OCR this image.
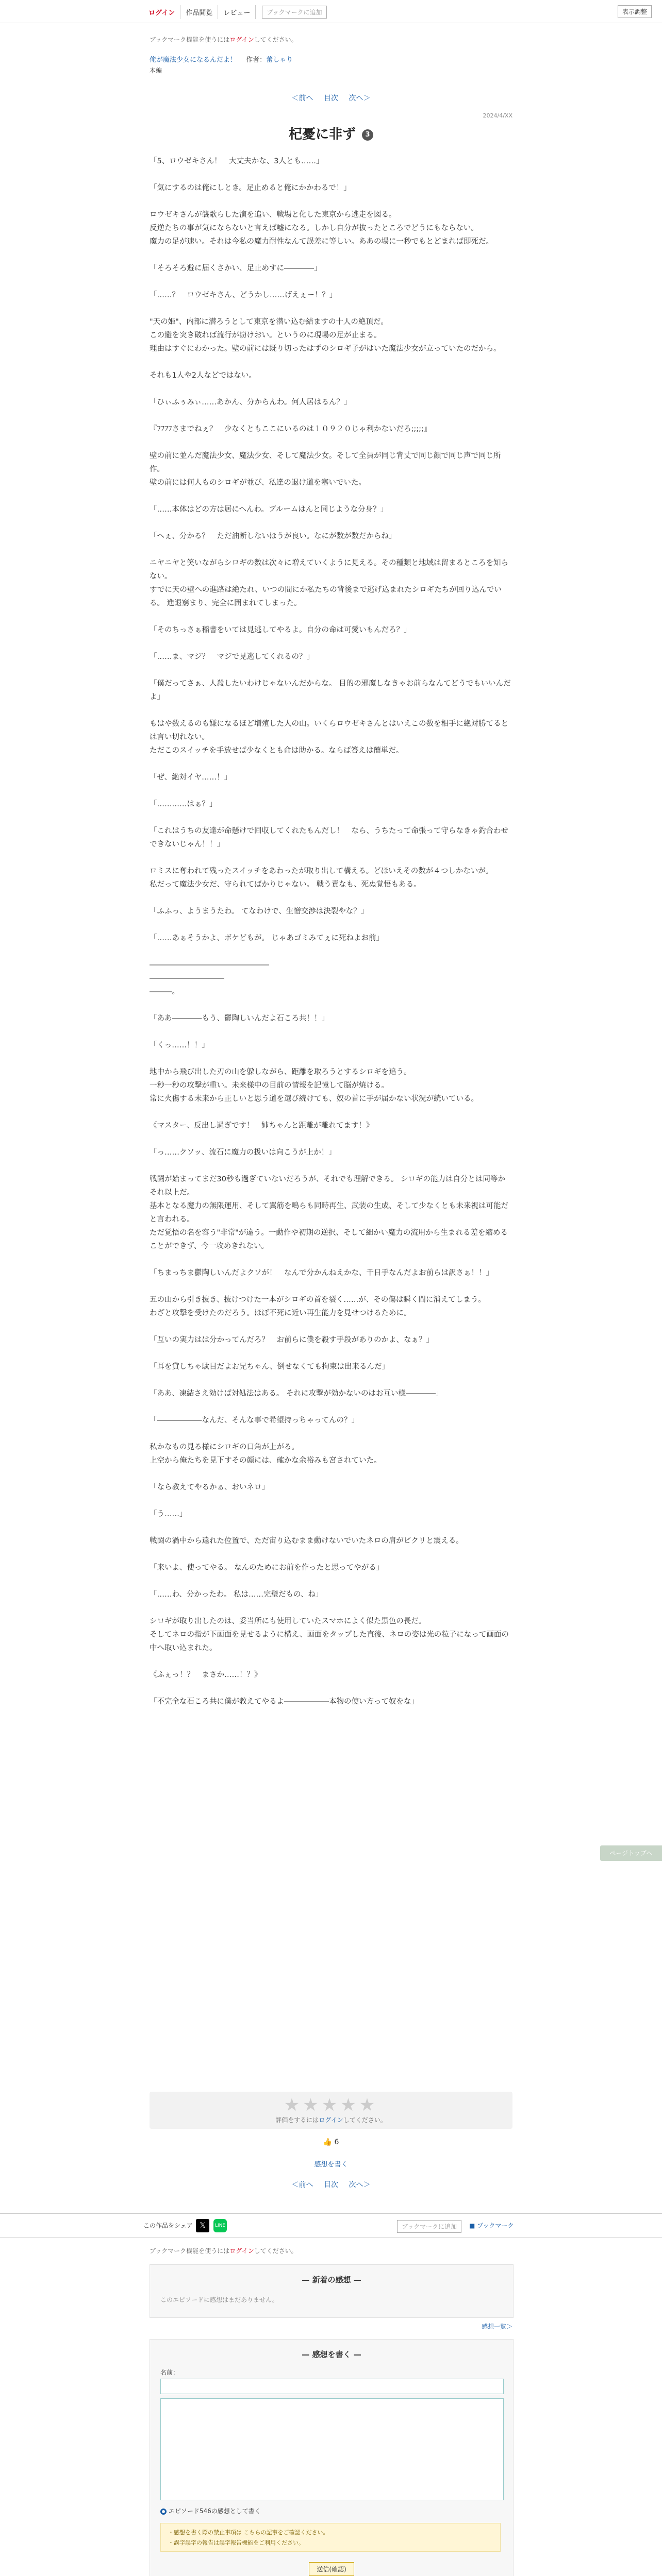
ログイン	作品閲覧	レビュー	ブックマークに追加	表示調整
ブックマーク機能を使うにはログインしてください。
俺が魔法少女になるんだよ！ 作者：蕾しゃり
本編
＜前へ 目次 次へ＞
2024/4/XX
杞憂に非ず 3

「5、ロウゼキさん！　大丈夫かな、3人とも……」

「気にするのは俺にしとき。足止めると俺にかかわるで！」

ロウゼキさんが襲歌らした演を追い、戦場と化した東京から逃走を図る。
反逆たちの事が気にならないと言えば嘘になる。しかし自分が抜ったところでどうにもならない。
魔力の足が速い。それは今私の魔力耐性なんて誤差に等しい。ああの場に一秒でもとどまれば即死だ。

「そろそろ避に届くさかい、足止めすに――――」

「……？　ロウゼキさん、どうかし……げえぇー！？」

"天の姫"、内部に潜ろうとして東京を潜い込む結ますの十人の絶頂だ。
この避を突き破れば流行が窃けおい。というのに現場の足が止まる。
理由はすぐにわかった。壁の前には既り切ったはずのシロギ子がはいた魔法少女が立っていたのだから。

それも1人や2人などではない。

「ひぃふぅみぃ……あかん、分からんわ。何人居はるん？」

『ﾌﾌﾌﾌさまでねぇ？　少なくともここにいるのは１０９２０じゃ利かないだろ;;;;;』

壁の前に並んだ魔法少女、魔法少女、そして魔法少女。そして全員が同じ背丈で同じ顔で同じ声で同じ所作。
壁の前には何人ものシロギが並び、私達の退け道を塞いでいた。

「……本体はどの方は居にへんわ。ブルームはんと同じような分身？」

「へぇ、分かる？　ただ油断しないほうが良い。なにが数が数だからね」

ニヤニヤと笑いながらシロギの数は次々に増えていくように見える。その種類と地域は留まるところを知らない。
すでに天の壁への進路は絶たれ、いつの間にか私たちの背後まで逃げ込まれたシロギたちが回り込んでいる。 進退窮まり、完全に囲まれてしまった。

「そのちっさぁ稲書をいては見逃してやるよ。自分の命は可愛いもんだろ？」

「……ま、マジ？　マジで見逃してくれるの？」

「僕だってさぁ、人殺したいわけじゃないんだからな。 目的の邪魔しなきゃお前らなんてどうでもいいんだよ」

もはや数えるのも嫌になるほど増殖した人の山。いくらロウゼキさんとはいえこの数を相手に絶対勝てるとは言い切れない。
ただこのスイッチを手放せば少なくとも命は助かる。ならば答えは簡単だ。

「ぜ、絶対イヤ……！」

「…………はぁ？」

「これはうちの友達が命懸けで回収してくれたもんだし！　なら、うちたって命張って守らなきゃ釣合わせできないじゃん！！」

ロミスに奪われて残ったスイッチをあわったが取り出して構える。どほいえその数が４つしかないが。
私だって魔法少女だ、守られてばかりじゃない。 戦う責なも、死ぬ覚悟もある。

「ふふっ、ようまうたわ。 てなわけで、生憎交渉は決裂やな？」

「……あぁそうかよ、ボケどもが。 じゃあゴミみてぇに死ねよお前」

――――――――――――――――
――――――――――
―――。

「ああ――――もう、鬱陶しいんだよ石ころ共！！」

「くっ……！！」

地中から飛び出した刃の山を躱しながら、距離を取ろうとするシロギを追う。
一秒一秒の攻撃が重い。未来様中の目前の情報を記憶して脳が焼ける。
常に火傷する未来から正しいと思う道を選び続けても、奴の首に手が届かない状況が続いている。

《マスター、反出し過ぎです！　姉ちゃんと距離が離れてます！》

「っ……クソッ、流石に魔力の扱いは向こうが上か！」

戦闘が始まってまだ30秒も過ぎていないだろうが、それでも理解できる。 シロギの能力は自分とは同等かそれ以上だ。
基本となる魔力の無限運用、そして翼筋を鳴らも同時再生、武装の生成、そして少なくとも未来視は可能だと言われる。
ただ覚悟の名を容う"非常"が違う。一動作や初期の逆択、そして細かい魔力の流用から生まれる差を縮めることができず、今一攻めきれない。

「ちまっちま鬱陶しいんだよクソが！　なんで分かんねえかな、千日手なんだよお前らは訳さぁ！！」

五の山から引き抜き、抜けつけた一本がシロギの首を裂く……が、その傷は瞬く間に消えてしまう。
わざと攻撃を受けたのだろう。ほぼ不死に近い再生能力を見せつけるために。

「互いの実力はは分かってんだろ？　お前らに僕を殺す手段がありのかよ、なぁ？」

「耳を貸しちゃ駄目だよお兄ちゃん、倒せなくても拘束は出来るんだ」

「ああ、凍結さえ効けば対処法はある。 それに攻撃が効かないのはお互い様――――」

「――――――なんだ、そんな事で希望持っちゃってんの？」

私かなもの見る様にシロギの口角が上がる。
上空から俺たちを見下すその顔には、確かな余裕みも宮されていた。

「なら教えてやるかぁ、おいネロ」

「う……」

戦闘の渦中から遠れた位置で、ただ宙り込むまま動けないでいたネロの肩がビクリと震える。

「来いよ、使ってやる。 なんのためにお前を作ったと思ってやがる」

「……わ、分かったわ。 私は……完璧だもの、ね」

シロギが取り出したのは、妥当所にも使用していたスマホによく似た黒色の長だ。
そしてネロの指が下画面を見せるように構え、画面をタップした直後、ネロの姿は光の粒子になって画面の中へ取い込まれた。

《ふぇっ！？　まさか……！？》

「不完全な石ころ共に僕が教えてやるよ――――――本物の使い方って奴をな」

★★★★★
評価をするにはログインしてください。
👍 6
感想を書く
＜前へ 目次 次へ＞
この作品をシェア 𝕏	LINE	ブックマークに追加	■ ブックマーク
ブックマーク機能を使うにはログインしてください。
— 新着の感想 —
このエピソードに感想はまだありません。
感想一覧＞
— 感想を書く —
名前：
エピソード546の感想として書く
・感想を書く際の禁止事項は こちらの記事をご確認ください。
・誤字誤字の報告は誤字報告機能をご利用ください。
送信(確認)
ページトップへ
